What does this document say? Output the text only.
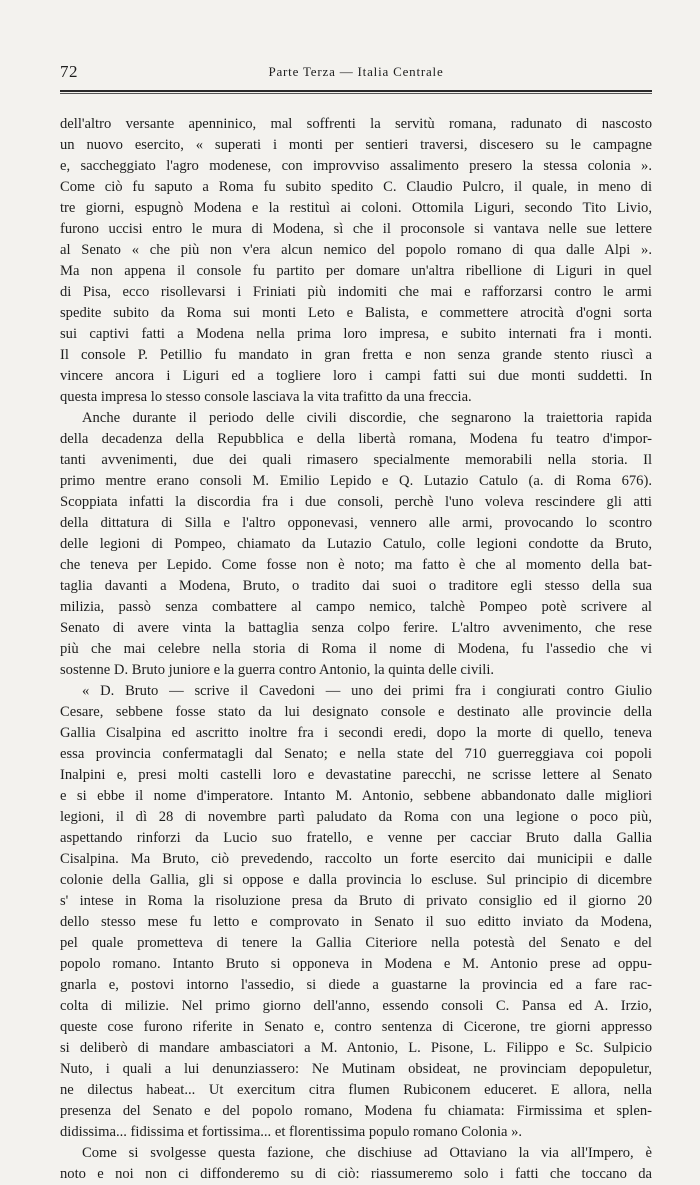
72	Parte Terza — Italia Centrale
dell'altro versante apenninico, mal soffrenti la servitù romana, radunato di nascosto
un nuovo esercito, « superati i monti per sentieri traversi, discesero su le campagne
e, saccheggiato l'agro modenese, con improvviso assalimento presero la stessa colonia ».
Come ciò fu saputo a Roma fu subito spedito C. Claudio Pulcro, il quale, in meno di
tre giorni, espugnò Modena e la restituì ai coloni. Ottomila Liguri, secondo Tito Livio,
furono uccisi entro le mura di Modena, sì che il proconsole si vantava nelle sue lettere
al Senato « che più non v'era alcun nemico del popolo romano di qua dalle Alpi ».
Ma non appena il console fu partito per domare un'altra ribellione di Liguri in quel
di Pisa, ecco risollevarsi i Friniati più indomiti che mai e rafforzarsi contro le armi
spedite subito da Roma sui monti Leto e Balista, e commettere atrocità d'ogni sorta
sui captivi fatti a Modena nella prima loro impresa, e subito internati fra i monti.
Il console P. Petillio fu mandato in gran fretta e non senza grande stento riuscì a
vincere ancora i Liguri ed a togliere loro i campi fatti sui due monti suddetti. In
questa impresa lo stesso console lasciava la vita trafitto da una freccia.
Anche durante il periodo delle civili discordie, che segnarono la traiettoria rapida
della decadenza della Repubblica e della libertà romana, Modena fu teatro d'impor-
tanti avvenimenti, due dei quali rimasero specialmente memorabili nella storia. Il
primo mentre erano consoli M. Emilio Lepido e Q. Lutazio Catulo (a. di Roma 676).
Scoppiata infatti la discordia fra i due consoli, perchè l'uno voleva rescindere gli atti
della dittatura di Silla e l'altro opponevasi, vennero alle armi, provocando lo scontro
delle legioni di Pompeo, chiamato da Lutazio Catulo, colle legioni condotte da Bruto,
che teneva per Lepido. Come fosse non è noto; ma fatto è che al momento della bat-
taglia davanti a Modena, Bruto, o tradito dai suoi o traditore egli stesso della sua
milizia, passò senza combattere al campo nemico, talchè Pompeo potè scrivere al
Senato di avere vinta la battaglia senza colpo ferire. L'altro avvenimento, che rese
più che mai celebre nella storia di Roma il nome di Modena, fu l'assedio che vi
sostenne D. Bruto juniore e la guerra contro Antonio, la quinta delle civili.
« D. Bruto — scrive il Cavedoni — uno dei primi fra i congiurati contro Giulio
Cesare, sebbene fosse stato da lui designato console e destinato alle provincie della
Gallia Cisalpina ed ascritto inoltre fra i secondi eredi, dopo la morte di quello, teneva
essa provincia confermatagli dal Senato; e nella state del 710 guerreggiava coi popoli
Inalpini e, presi molti castelli loro e devastatine parecchi, ne scrisse lettere al Senato
e si ebbe il nome d'imperatore. Intanto M. Antonio, sebbene abbandonato dalle migliori
legioni, il dì 28 di novembre partì paludato da Roma con una legione o poco più,
aspettando rinforzi da Lucio suo fratello, e venne per cacciar Bruto dalla Gallia
Cisalpina. Ma Bruto, ciò prevedendo, raccolto un forte esercito dai municipii e dalle
colonie della Gallia, gli si oppose e dalla provincia lo escluse. Sul principio di dicembre
s' intese in Roma la risoluzione presa da Bruto di privato consiglio ed il giorno 20
dello stesso mese fu letto e comprovato in Senato il suo editto inviato da Modena,
pel quale prometteva di tenere la Gallia Citeriore nella potestà del Senato e del
popolo romano. Intanto Bruto si opponeva in Modena e M. Antonio prese ad oppu-
gnarla e, postovi intorno l'assedio, si diede a guastarne la provincia ed a fare rac-
colta di milizie. Nel primo giorno dell'anno, essendo consoli C. Pansa ed A. Irzio,
queste cose furono riferite in Senato e, contro sentenza di Cicerone, tre giorni appresso
si deliberò di mandare ambasciatori a M. Antonio, L. Pisone, L. Filippo e Sc. Sulpicio
Nuto, i quali a lui denunziassero: Ne Mutinam obsideat, ne provinciam depopuletur,
ne dilectus habeat... Ut exercitum citra flumen Rubiconem educeret. E allora, nella
presenza del Senato e del popolo romano, Modena fu chiamata: Firmissima et splen-
didissima... fidissima et fortissima... et florentissima populo romano Colonia ».
Come si svolgesse questa fazione, che dischiuse ad Ottaviano la via all'Impero, è
noto e noi non ci diffonderemo su di ciò: riassumeremo solo i fatti che toccano da
